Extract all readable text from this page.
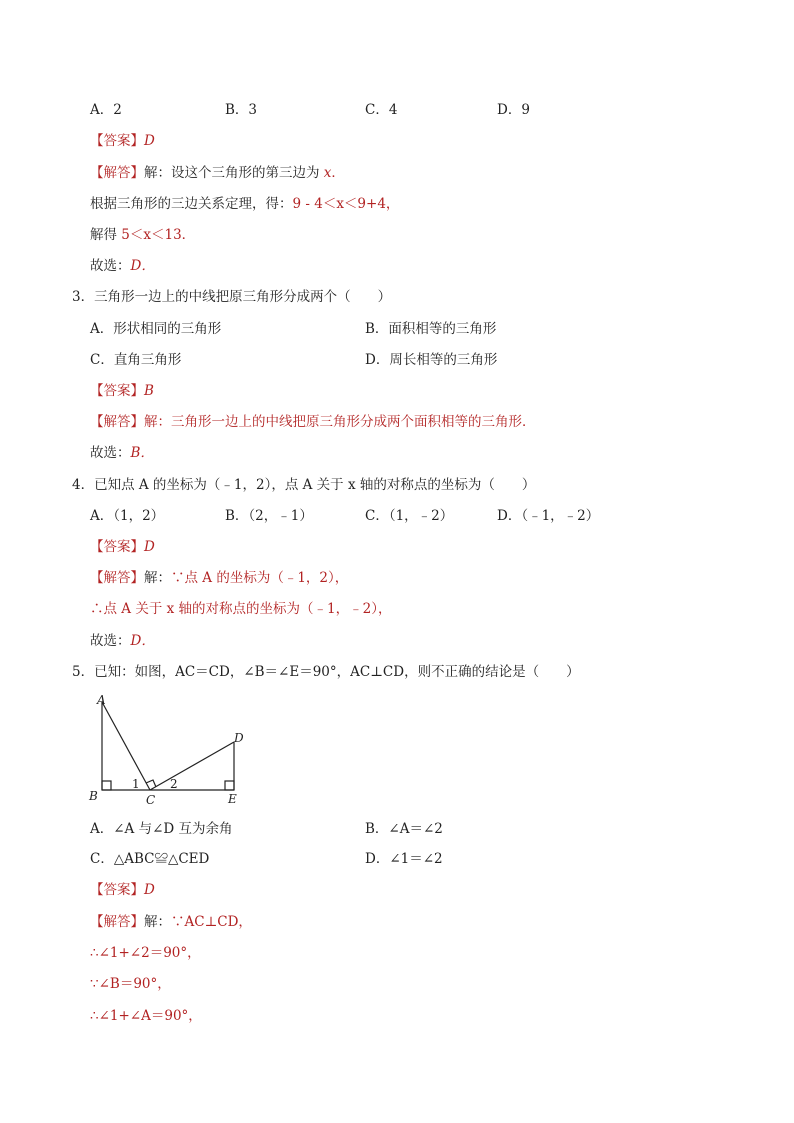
A．2	B．3	C．4	D．9
【答案】D
【解答】解：设这个三角形的第三边为 x．
根据三角形的三边关系定理，得：9 - 4＜x＜9+4，
解得 5＜x＜13．
故选：D．
3．三角形一边上的中线把原三角形分成两个（　　）
A．形状相同的三角形	B．面积相等的三角形
C．直角三角形	D．周长相等的三角形
【答案】B
【解答】解：三角形一边上的中线把原三角形分成两个面积相等的三角形．
故选：B．
4．已知点 A 的坐标为（﹣1，2），点 A 关于 x 轴的对称点的坐标为（　　）
A．（1，2）	B．（2，﹣1）	C．（1，﹣2）	D．（﹣1，﹣2）
【答案】D
【解答】解：∵点 A 的坐标为（﹣1，2），
∴点 A 关于 x 轴的对称点的坐标为（﹣1，﹣2），
故选：D．
5．已知：如图，AC＝CD，∠B＝∠E＝90°，AC⊥CD，则不正确的结论是（　　）
A
B	C
D
E
1	2
A．∠A 与∠D 互为余角	B．∠A＝∠2
C．△ABC≌△CED	D．∠1＝∠2
【答案】D
【解答】解：∵AC⊥CD，
∴∠1+∠2＝90°，
∵∠B＝90°，
∴∠1+∠A＝90°，
